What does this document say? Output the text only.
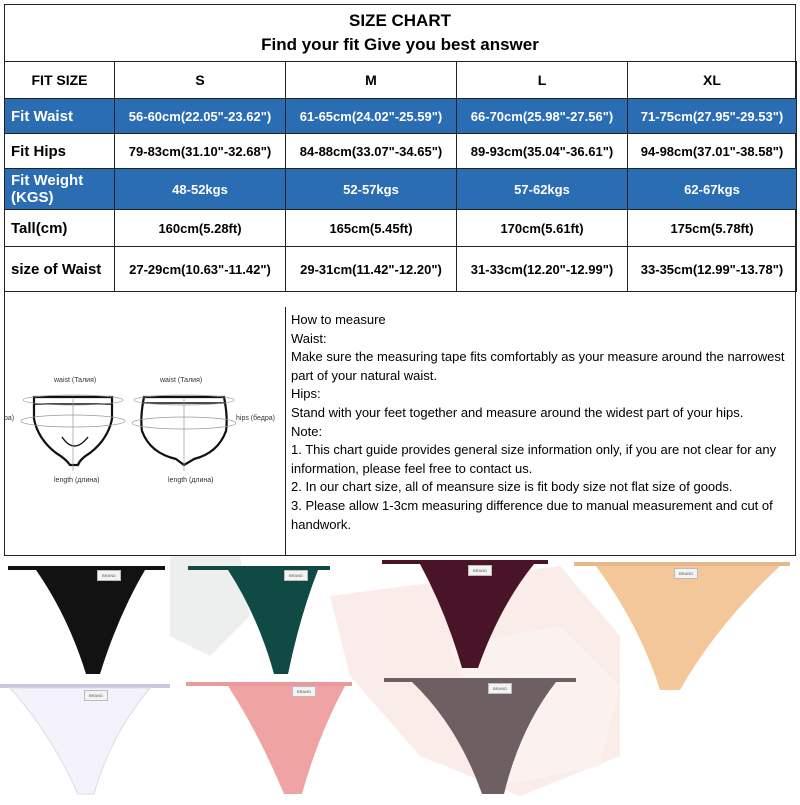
SIZE CHART
Find your fit Give you best answer
FIT SIZE	S	M	L	XL
Fit Waist	56-60cm(22.05"-23.62")	61-65cm(24.02"-25.59")	66-70cm(25.98"-27.56")	71-75cm(27.95"-29.53")
Fit Hips	79-83cm(31.10"-32.68")	84-88cm(33.07"-34.65")	89-93cm(35.04"-36.61")	94-98cm(37.01"-38.58")

Fit Weight
(KGS)	48-52kgs	52-57kgs	57-62kgs	62-67kgs
Tall(cm)	160cm(5.28ft)	165cm(5.45ft)	170cm(5.61ft)	175cm(5.78ft)
size of Waist	27-29cm(10.63"-11.42")	29-31cm(11.42"-12.20")	31-33cm(12.20"-12.99")	33-35cm(12.99"-13.78")
waist (Талия)	waist (Талия)
ра)	hips (бедра)
length (длина)	length (длина)

How to measure

Waist:

Make sure the measuring tape fits comfortably as your measure around the narrowest part of your natural waist.

Hips:

Stand with your feet together and measure around the widest part of your hips.

Note:

1. This chart guide provides general size information only, if you are not clear for any information, please feel free to contact us.

2. In our chart size, all of meansure size is fit body size not flat size of goods.

3. Please allow 1-3cm measuring difference due to manual measurement and cut of handwork.

BRAND	BRAND
BRAND
BRAND
BRAND
BRAND
BRAND
